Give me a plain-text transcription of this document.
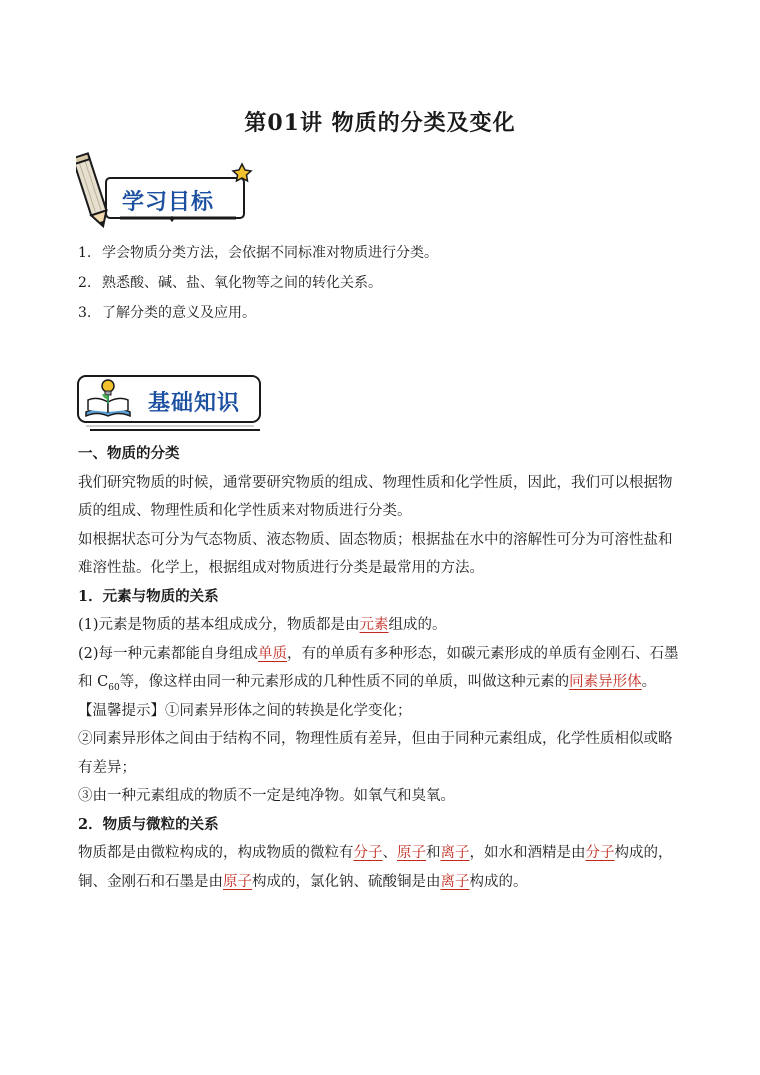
第01讲 物质的分类及变化
学习目标
1. 学会物质分类方法，会依据不同标准对物质进行分类。
2. 熟悉酸、碱、盐、氧化物等之间的转化关系。
3. 了解分类的意义及应用。
基础知识

一、物质的分类

我们研究物质的时候，通常要研究物质的组成、物理性质和化学性质，因此，我们可以根据物质的组成、物理性质和化学性质来对物质进行分类。

如根据状态可分为气态物质、液态物质、固态物质；根据盐在水中的溶解性可分为可溶性盐和难溶性盐。化学上，根据组成对物质进行分类是最常用的方法。

1．元素与物质的关系

(1)元素是物质的基本组成成分，物质都是由元素组成的。

(2)每一种元素都能自身组成单质，有的单质有多种形态，如碳元素形成的单质有金刚石、石墨和 $C_{60}$等，像这样由同一种元素形成的几种性质不同的单质，叫做这种元素的同素异形体。

【温馨提示】①同素异形体之间的转换是化学变化；

②同素异形体之间由于结构不同，物理性质有差异，但由于同种元素组成，化学性质相似或略有差异；

③由一种元素组成的物质不一定是纯净物。如氧气和臭氧。

2．物质与微粒的关系

物质都是由微粒构成的，构成物质的微粒有分子、原子和离子，如水和酒精是由分子构成的，铜、金刚石和石墨是由原子构成的，氯化钠、硫酸铜是由离子构成的。
